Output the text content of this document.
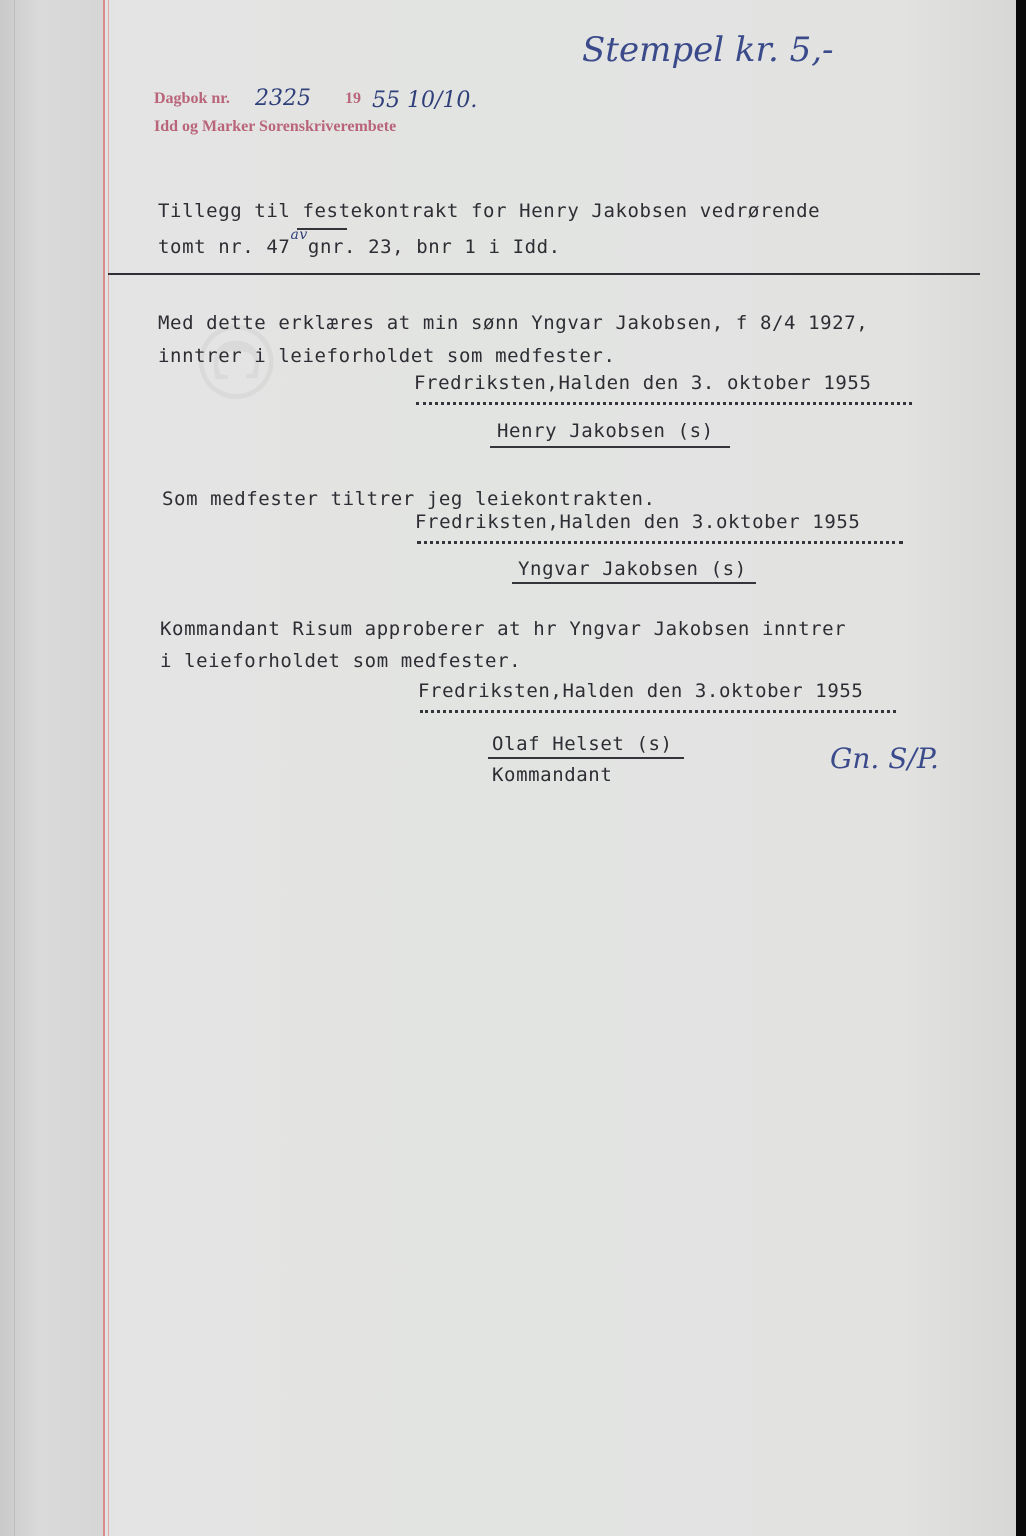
©
Stempel kr. 5,-
Dagbok nr. 2325 19 55 10/10.
Idd og Marker Sorenskriverembete
Tillegg til festekontrakt for Henry Jakobsen vedrørende
tomt nr. $47^{av}gnr$. 23, bnr 1 i Idd.
Med dette erklæres at min sønn Yngvar Jakobsen, f 8/4 1927,
inntrer i leieforholdet som medfester.
Fredriksten,Halden den 3. oktober 1955
Henry Jakobsen (s)
Som medfester tiltrer jeg leiekontrakten.
Fredriksten,Halden den 3.oktober 1955
Yngvar Jakobsen (s)
Kommandant Risum approberer at hr Yngvar Jakobsen inntrer
i leieforholdet som medfester.
Fredriksten,Halden den 3.oktober 1955
Olaf Helset (s)
Kommandant	Gn. S/P.
